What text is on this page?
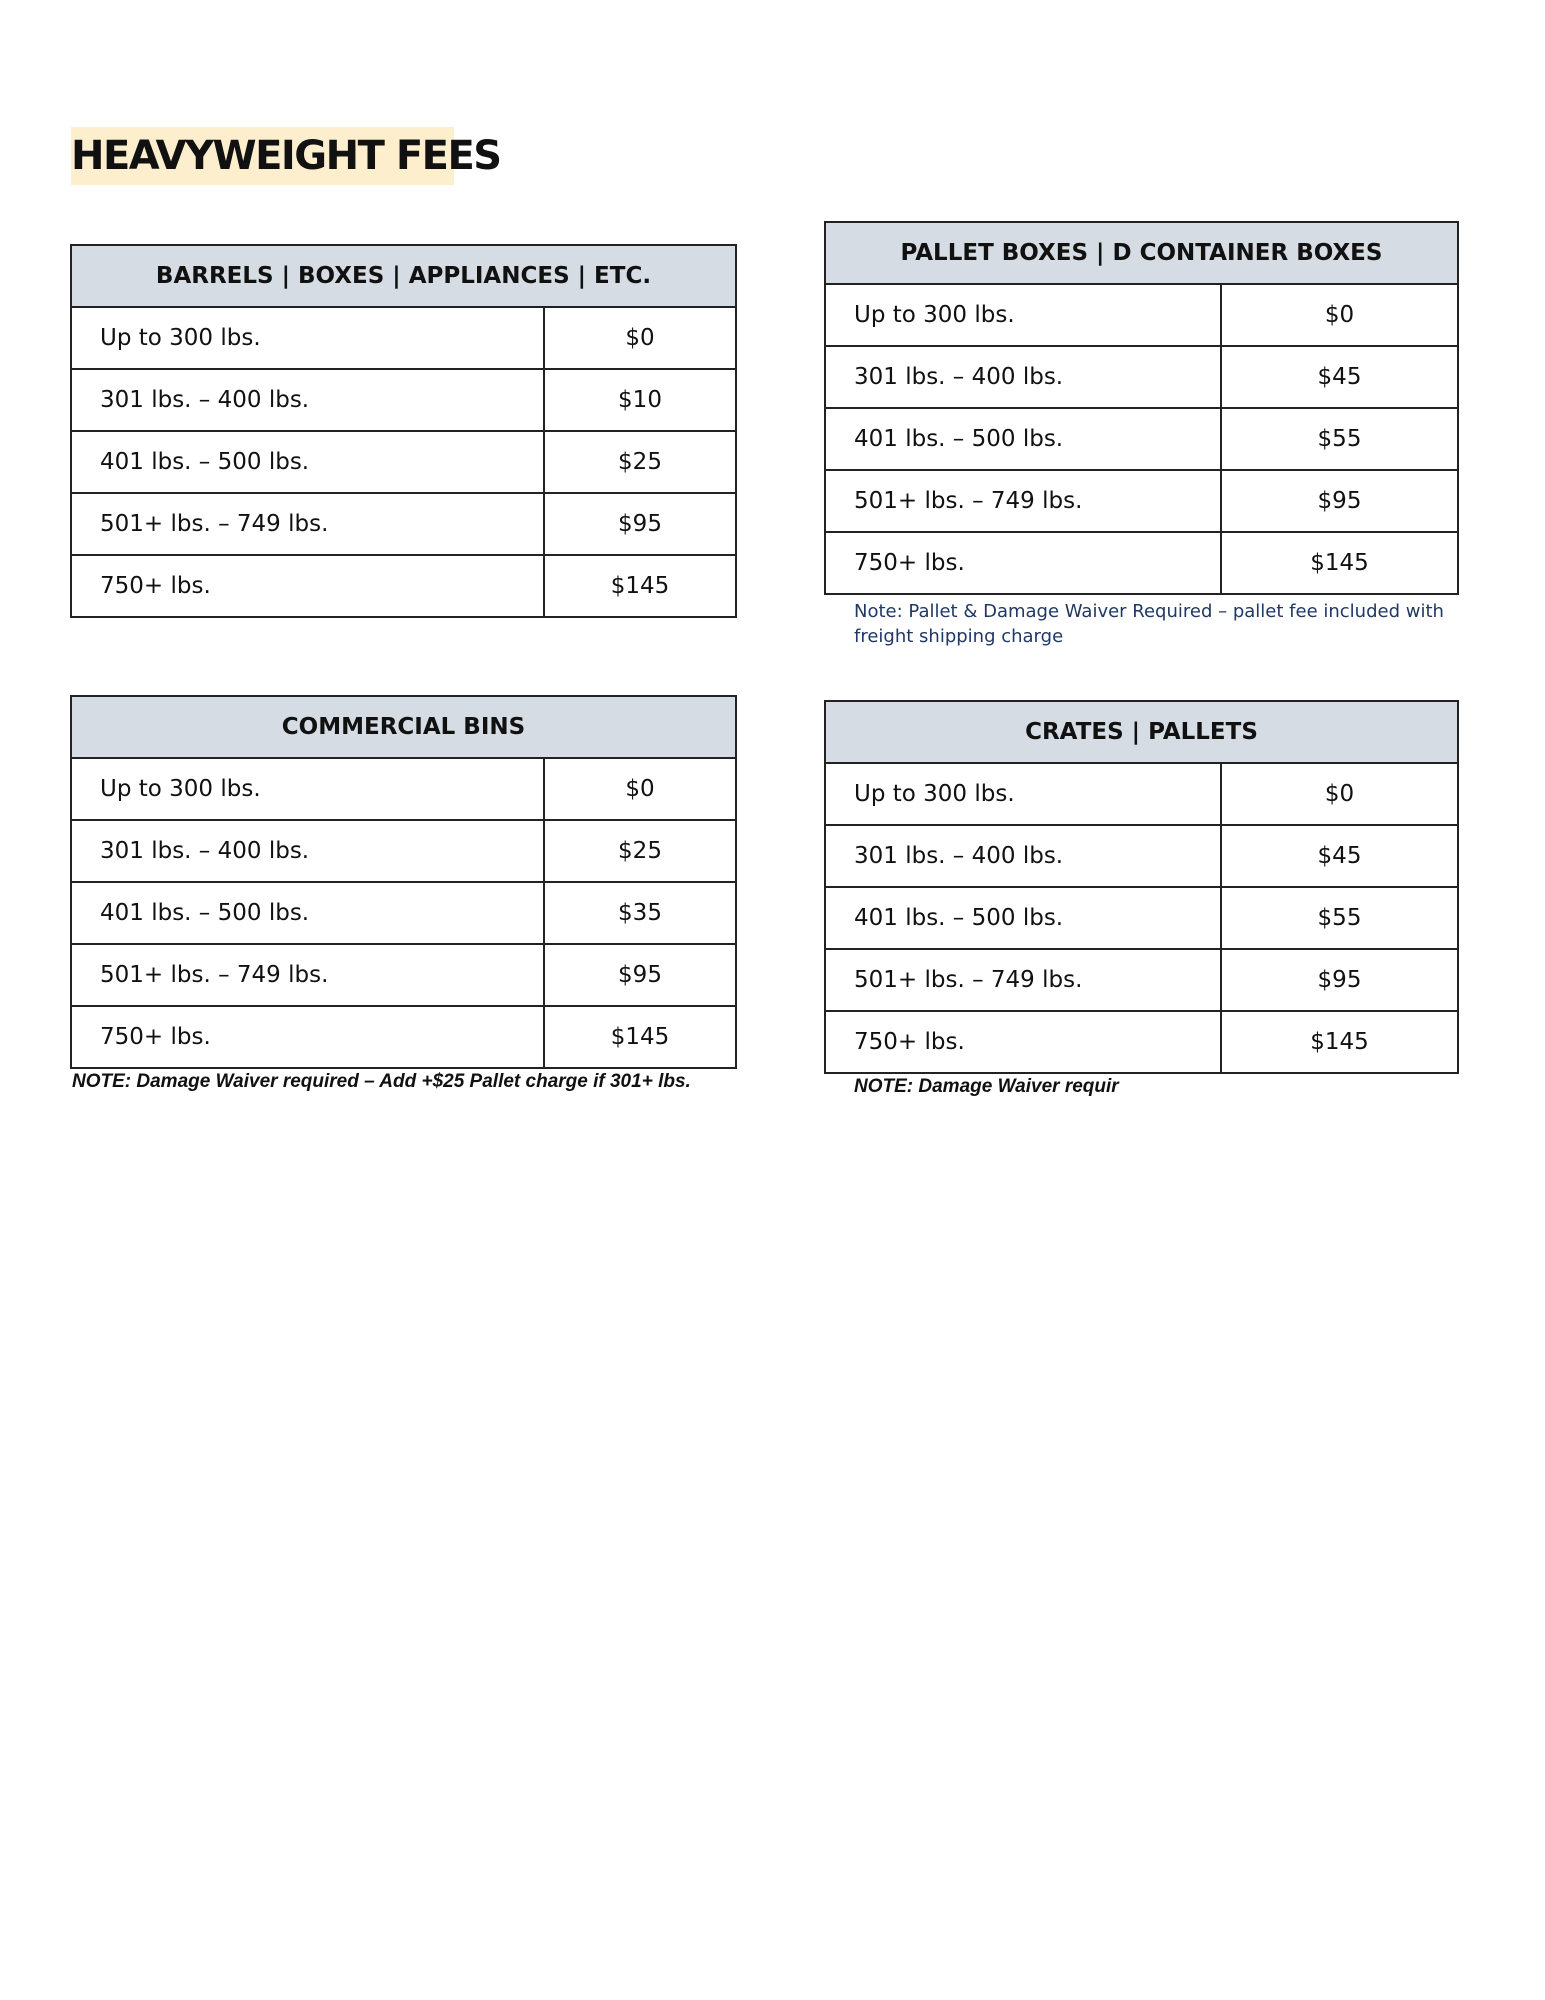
HEAVYWEIGHT FEES
BARRELS | BOXES | APPLIANCES | ETC.	
Up to 300 lbs.	$0
301 lbs. – 400 lbs.	$10
401 lbs. – 500 lbs.	$25
501+ lbs. – 749 lbs.	$95
750+ lbs.	$145
PALLET BOXES | D CONTAINER BOXES	
Up to 300 lbs.	$0
301 lbs. – 400 lbs.	$45
401 lbs. – 500 lbs.	$55
501+ lbs. – 749 lbs.	$95
750+ lbs.	$145
Note: Pallet & Damage Waiver Required – pallet fee included with freight shipping charge
COMMERCIAL BINS	
Up to 300 lbs.	$0
301 lbs. – 400 lbs.	$25
401 lbs. – 500 lbs.	$35
501+ lbs. – 749 lbs.	$95
750+ lbs.	$145
NOTE: Damage Waiver required – Add +$25 Pallet charge if 301+ lbs.
CRATES | PALLETS	
Up to 300 lbs.	$0
301 lbs. – 400 lbs.	$45
401 lbs. – 500 lbs.	$55
501+ lbs. – 749 lbs.	$95
750+ lbs.	$145
NOTE: Damage Waiver requir
